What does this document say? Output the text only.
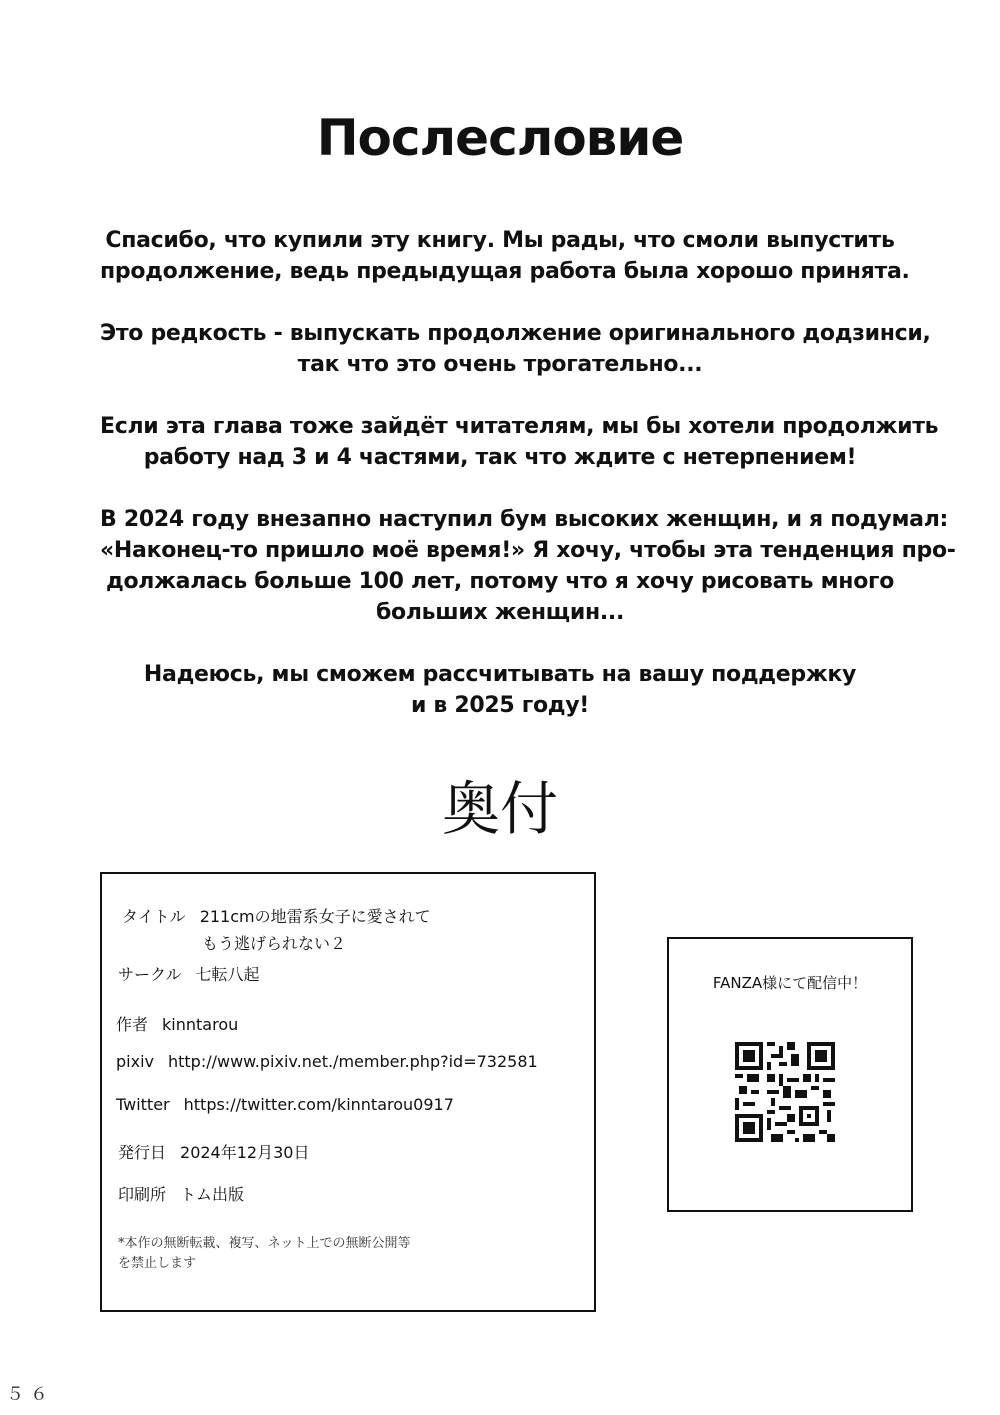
Послесловие

Спасибо, что купили эту книгу. Мы рады, что смоли выпустить
продолжение, ведь предыдущая работа была хорошо принята.

Это редкость - выпускать продолжение оригинального додзинси,
так что это очень трогательно...

Если эта глава тоже зайдёт читателям, мы бы хотели продолжить
работу над 3 и 4 частями, так что ждите с нетерпением!

В 2024 году внезапно наступил бум высоких женщин, и я подумал:
«Наконец-то пришло моё время!» Я хочу, чтобы эта тенденция про-
должалась больше 100 лет, потому что я хочу рисовать много
больших женщин...

Надеюсь, мы сможем рассчитывать на вашу поддержку
и в 2025 году!

奥付
タイトル 211cmの地雷系女子に愛されて
もう逃げられない２
サークル 七転八起
作者 kinntarou
pixiv http://www.pixiv.net./member.php?id=732581
Twitter https://twitter.com/kinntarou0917
発行日 2024年12月30日
印刷所 トム出版
*本作の無断転載、複写、ネット上での無断公開等
を禁止します
FANZA様にて配信中！
５６
